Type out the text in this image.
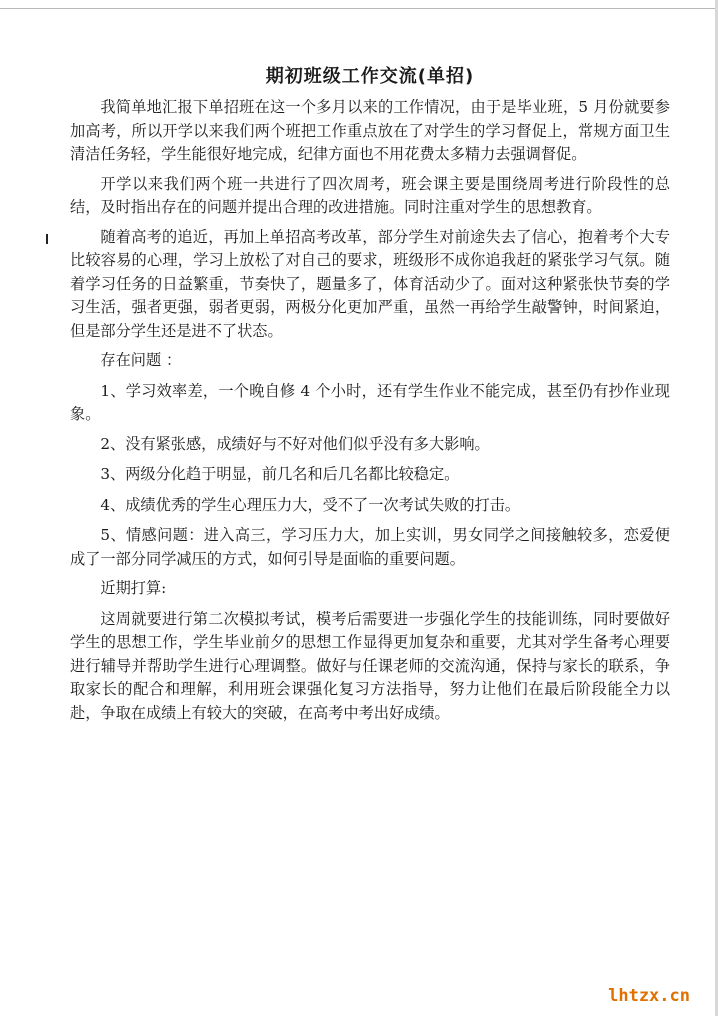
期初班级工作交流(单招)

我简单地汇报下单招班在这一个多月以来的工作情况，由于是毕业班，5 月份就要参加高考，所以开学以来我们两个班把工作重点放在了对学生的学习督促上，常规方面卫生清洁任务轻，学生能很好地完成，纪律方面也不用花费太多精力去强调督促。

开学以来我们两个班一共进行了四次周考，班会课主要是围绕周考进行阶段性的总结，及时指出存在的问题并提出合理的改进措施。同时注重对学生的思想教育。

随着高考的追近，再加上单招高考改革，部分学生对前途失去了信心，抱着考个大专比较容易的心理，学习上放松了对自己的要求，班级形不成你追我赶的紧张学习气氛。随着学习任务的日益繁重，节奏快了，题量多了，体育活动少了。面对这种紧张快节奏的学习生活，强者更强，弱者更弱，两极分化更加严重，虽然一再给学生敲警钟，时间紧迫，但是部分学生还是进不了状态。

存在问题 ：

1、学习效率差，一个晚自修 4 个小时，还有学生作业不能完成，甚至仍有抄作业现象。

2、没有紧张感，成绩好与不好对他们似乎没有多大影响。

3、两级分化趋于明显，前几名和后几名都比较稳定。

4、成绩优秀的学生心理压力大，受不了一次考试失败的打击。

5、情感问题：进入高三，学习压力大，加上实训，男女同学之间接触较多，恋爱便成了一部分同学减压的方式，如何引导是面临的重要问题。

近期打算:

这周就要进行第二次模拟考试，模考后需要进一步强化学生的技能训练，同时要做好学生的思想工作，学生毕业前夕的思想工作显得更加复杂和重要，尤其对学生备考心理要进行辅导并帮助学生进行心理调整。做好与任课老师的交流沟通，保持与家长的联系，争取家长的配合和理解，利用班会课强化复习方法指导，努力让他们在最后阶段能全力以赴，争取在成绩上有较大的突破，在高考中考出好成绩。

lhtzx.cn
